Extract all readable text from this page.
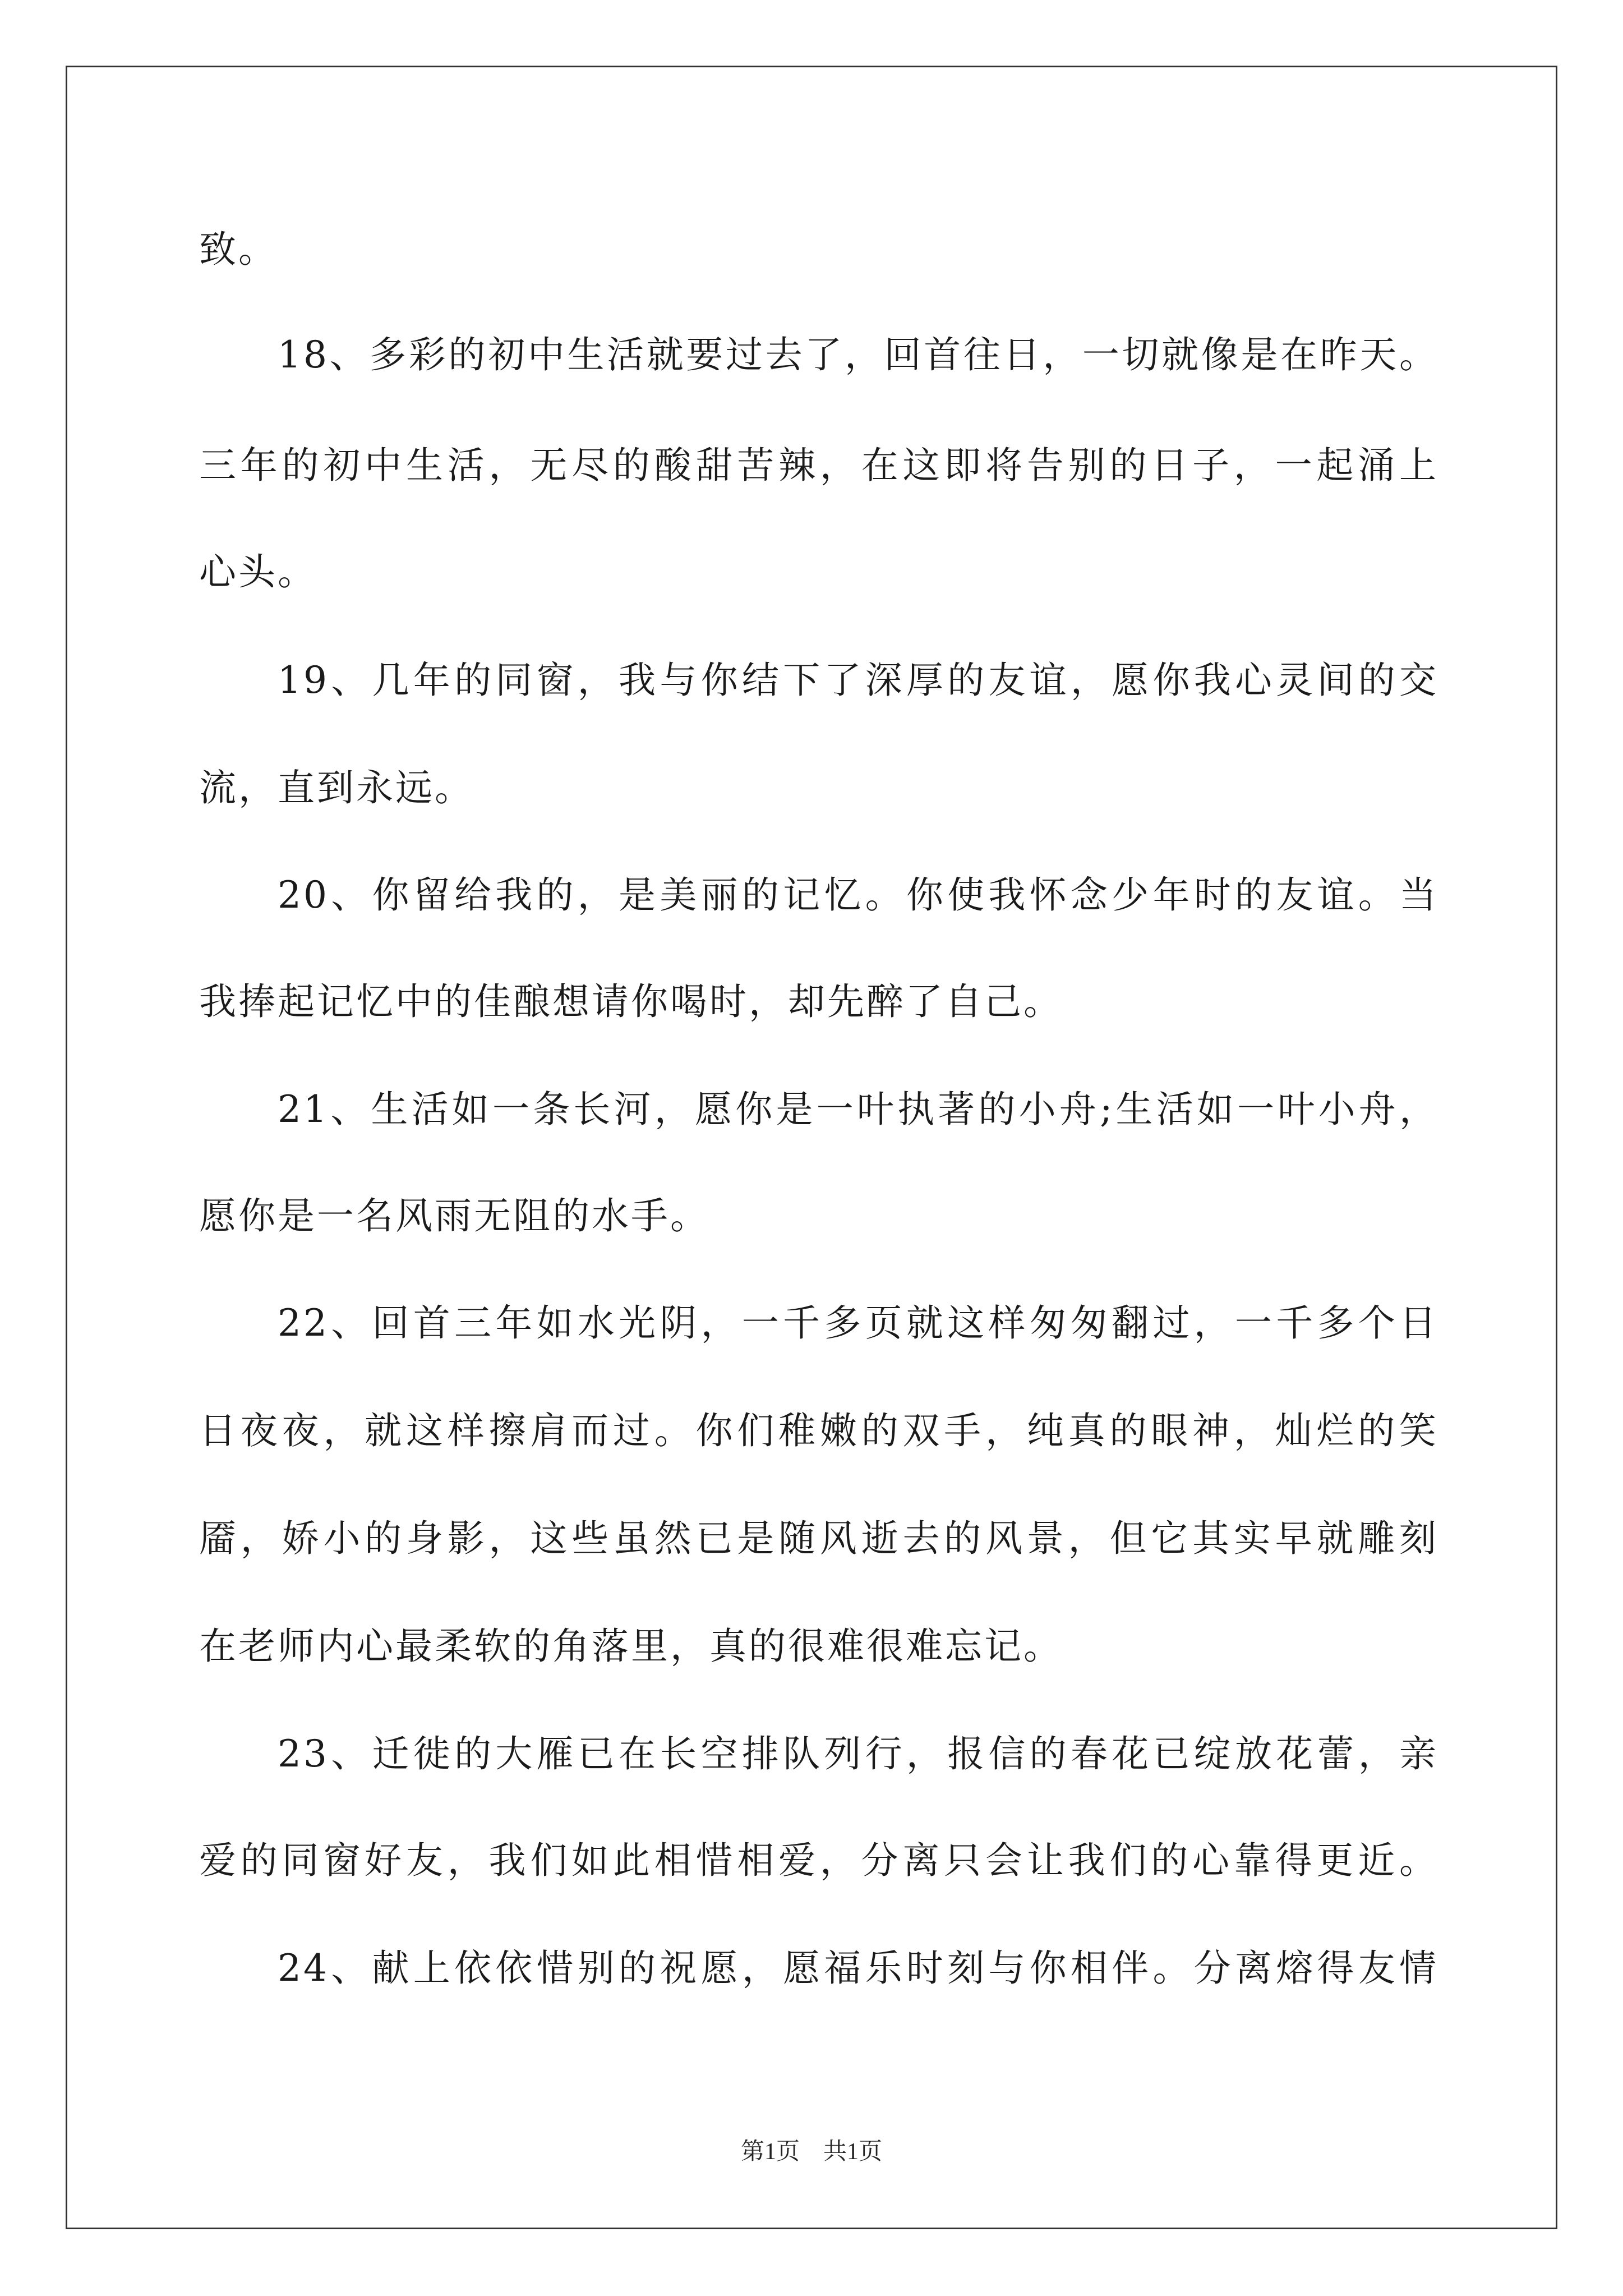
致。
18、多彩的初中生活就要过去了，回首往日，一切就像是在昨天。
三年的初中生活，无尽的酸甜苦辣，在这即将告别的日子，一起涌上
心头。
19、几年的同窗，我与你结下了深厚的友谊，愿你我心灵间的交
流，直到永远。
20、你留给我的，是美丽的记忆。你使我怀念少年时的友谊。当
我捧起记忆中的佳酿想请你喝时，却先醉了自己。
21、生活如一条长河，愿你是一叶执著的小舟;生活如一叶小舟，
愿你是一名风雨无阻的水手。
22、回首三年如水光阴，一千多页就这样匆匆翻过，一千多个日
日夜夜，就这样擦肩而过。你们稚嫩的双手，纯真的眼神，灿烂的笑
靥，娇小的身影，这些虽然已是随风逝去的风景，但它其实早就雕刻
在老师内心最柔软的角落里，真的很难很难忘记。
23、迁徙的大雁已在长空排队列行，报信的春花已绽放花蕾，亲
爱的同窗好友，我们如此相惜相爱，分离只会让我们的心靠得更近。
24、献上依依惜别的祝愿，愿福乐时刻与你相伴。分离熔得友情
第1页　共1页
